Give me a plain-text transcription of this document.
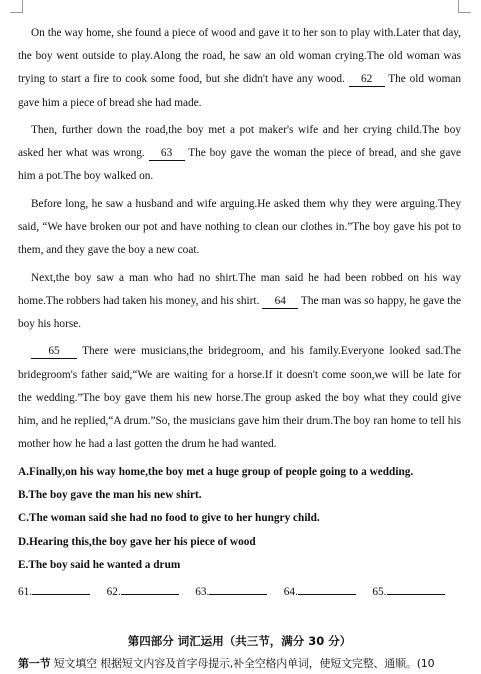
On the way home, she found a piece of wood and gave it to her son to play with.Later that day, the boy went outside to play.Along the road, he saw an old woman crying.The old woman was trying to start a fire to cook some food, but she didn't have any wood. 62 The old woman gave him a piece of bread she had made.

Then, further down the road,the boy met a pot maker's wife and her crying child.The boy asked her what was wrong. 63 The boy gave the woman the piece of bread, and she gave him a pot.The boy walked on.

Before long, he saw a husband and wife arguing.He asked them why they were arguing.They said, “We have broken our pot and have nothing to clean our clothes in.”The boy gave his pot to them, and they gave the boy a new coat.

Next,the boy saw a man who had no shirt.The man said he had been robbed on his way home.The robbers had taken his money, and his shirt. 64 The man was so happy, he gave the boy his horse.

65 There were musicians,the bridegroom, and his family.Everyone looked sad.The bridegroom's father said,“We are waiting for a horse.If it doesn't come soon,we will be late for the wedding.”The boy gave them his new horse.The group asked the boy what they could give him, and he replied,“A drum.”So, the musicians gave him their drum.The boy ran home to tell his mother how he had a last gotten the drum he had wanted.

A.Finally,on his way home,the boy met a huge group of people going to a wedding.
B.The boy gave the man his new shirt.
C.The woman said she had no food to give to her hungry child.
D.Hearing this,the boy gave her his piece of wood
E.The boy said he wanted a drum
61.	62.	63.	64.	65.
第四部分 词汇运用（共三节，满分 30 分）
第一节 短文填空 根据短文内容及首字母提示,补全空格内单词，使短文完整、通顺。(10
